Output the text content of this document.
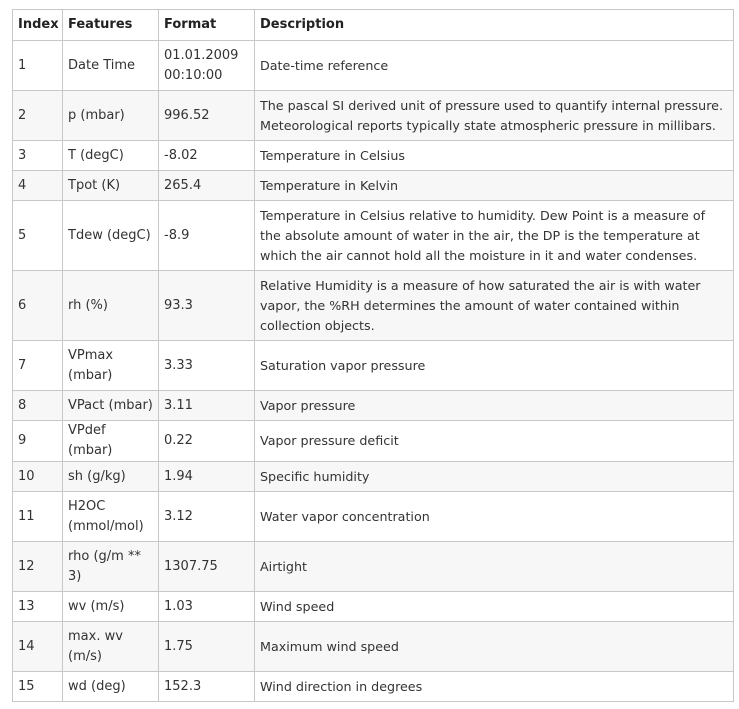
Index	Features	Format	Description
1	Date Time	01.01.2009 00:10:00	Date-time reference
2	p (mbar)	996.52	The pascal SI derived unit of pressure used to quantify internal pressure. Meteorological reports typically state atmospheric pressure in millibars.
3	T (degC)	-8.02	Temperature in Celsius
4	Tpot (K)	265.4	Temperature in Kelvin
5	Tdew (degC)	-8.9	Temperature in Celsius relative to humidity. Dew Point is a measure of the absolute amount of water in the air, the DP is the temperature at which the air cannot hold all the moisture in it and water condenses.
6	rh (%)	93.3	Relative Humidity is a measure of how saturated the air is with water vapor, the %RH determines the amount of water contained within collection objects.
7	VPmax (mbar)	3.33	Saturation vapor pressure
8	VPact (mbar)	3.11	Vapor pressure
9	VPdef (mbar)	0.22	Vapor pressure deficit
10	sh (g/kg)	1.94	Specific humidity
11	H2OC (mmol/mol)	3.12	Water vapor concentration
12	rho (g/m ** 3)	1307.75	Airtight
13	wv (m/s)	1.03	Wind speed
14	max. wv (m/s)	1.75	Maximum wind speed
15	wd (deg)	152.3	Wind direction in degrees
